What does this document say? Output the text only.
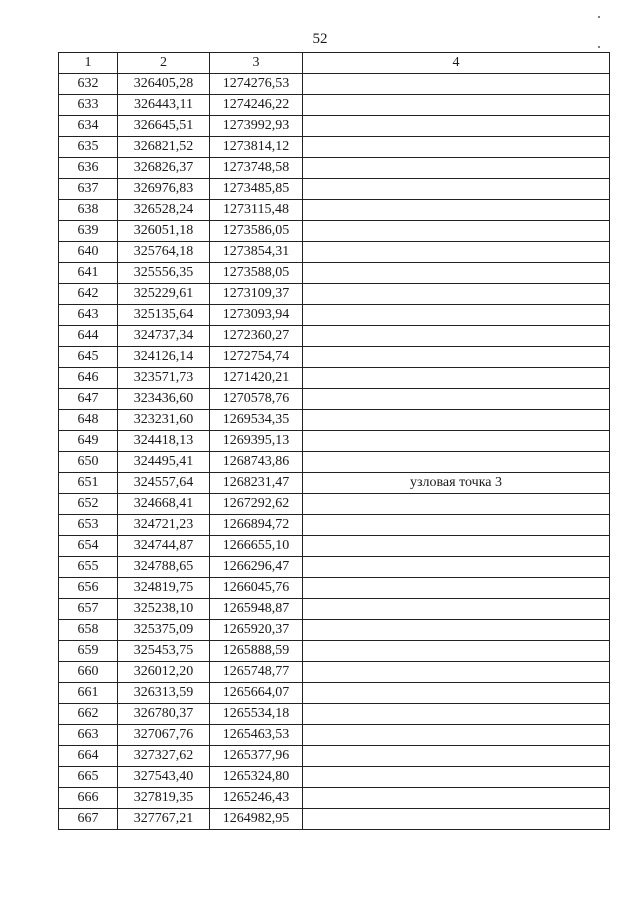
52
1	2	3	4
632	326405,28	1274276,53	
633	326443,11	1274246,22	
634	326645,51	1273992,93	
635	326821,52	1273814,12	
636	326826,37	1273748,58	
637	326976,83	1273485,85	
638	326528,24	1273115,48	
639	326051,18	1273586,05	
640	325764,18	1273854,31	
641	325556,35	1273588,05	
642	325229,61	1273109,37	
643	325135,64	1273093,94	
644	324737,34	1272360,27	
645	324126,14	1272754,74	
646	323571,73	1271420,21	
647	323436,60	1270578,76	
648	323231,60	1269534,35	
649	324418,13	1269395,13	
650	324495,41	1268743,86	
651	324557,64	1268231,47	узловая точка 3
652	324668,41	1267292,62	
653	324721,23	1266894,72	
654	324744,87	1266655,10	
655	324788,65	1266296,47	
656	324819,75	1266045,76	
657	325238,10	1265948,87	
658	325375,09	1265920,37	
659	325453,75	1265888,59	
660	326012,20	1265748,77	
661	326313,59	1265664,07	
662	326780,37	1265534,18	
663	327067,76	1265463,53	
664	327327,62	1265377,96	
665	327543,40	1265324,80	
666	327819,35	1265246,43	
667	327767,21	1264982,95	
